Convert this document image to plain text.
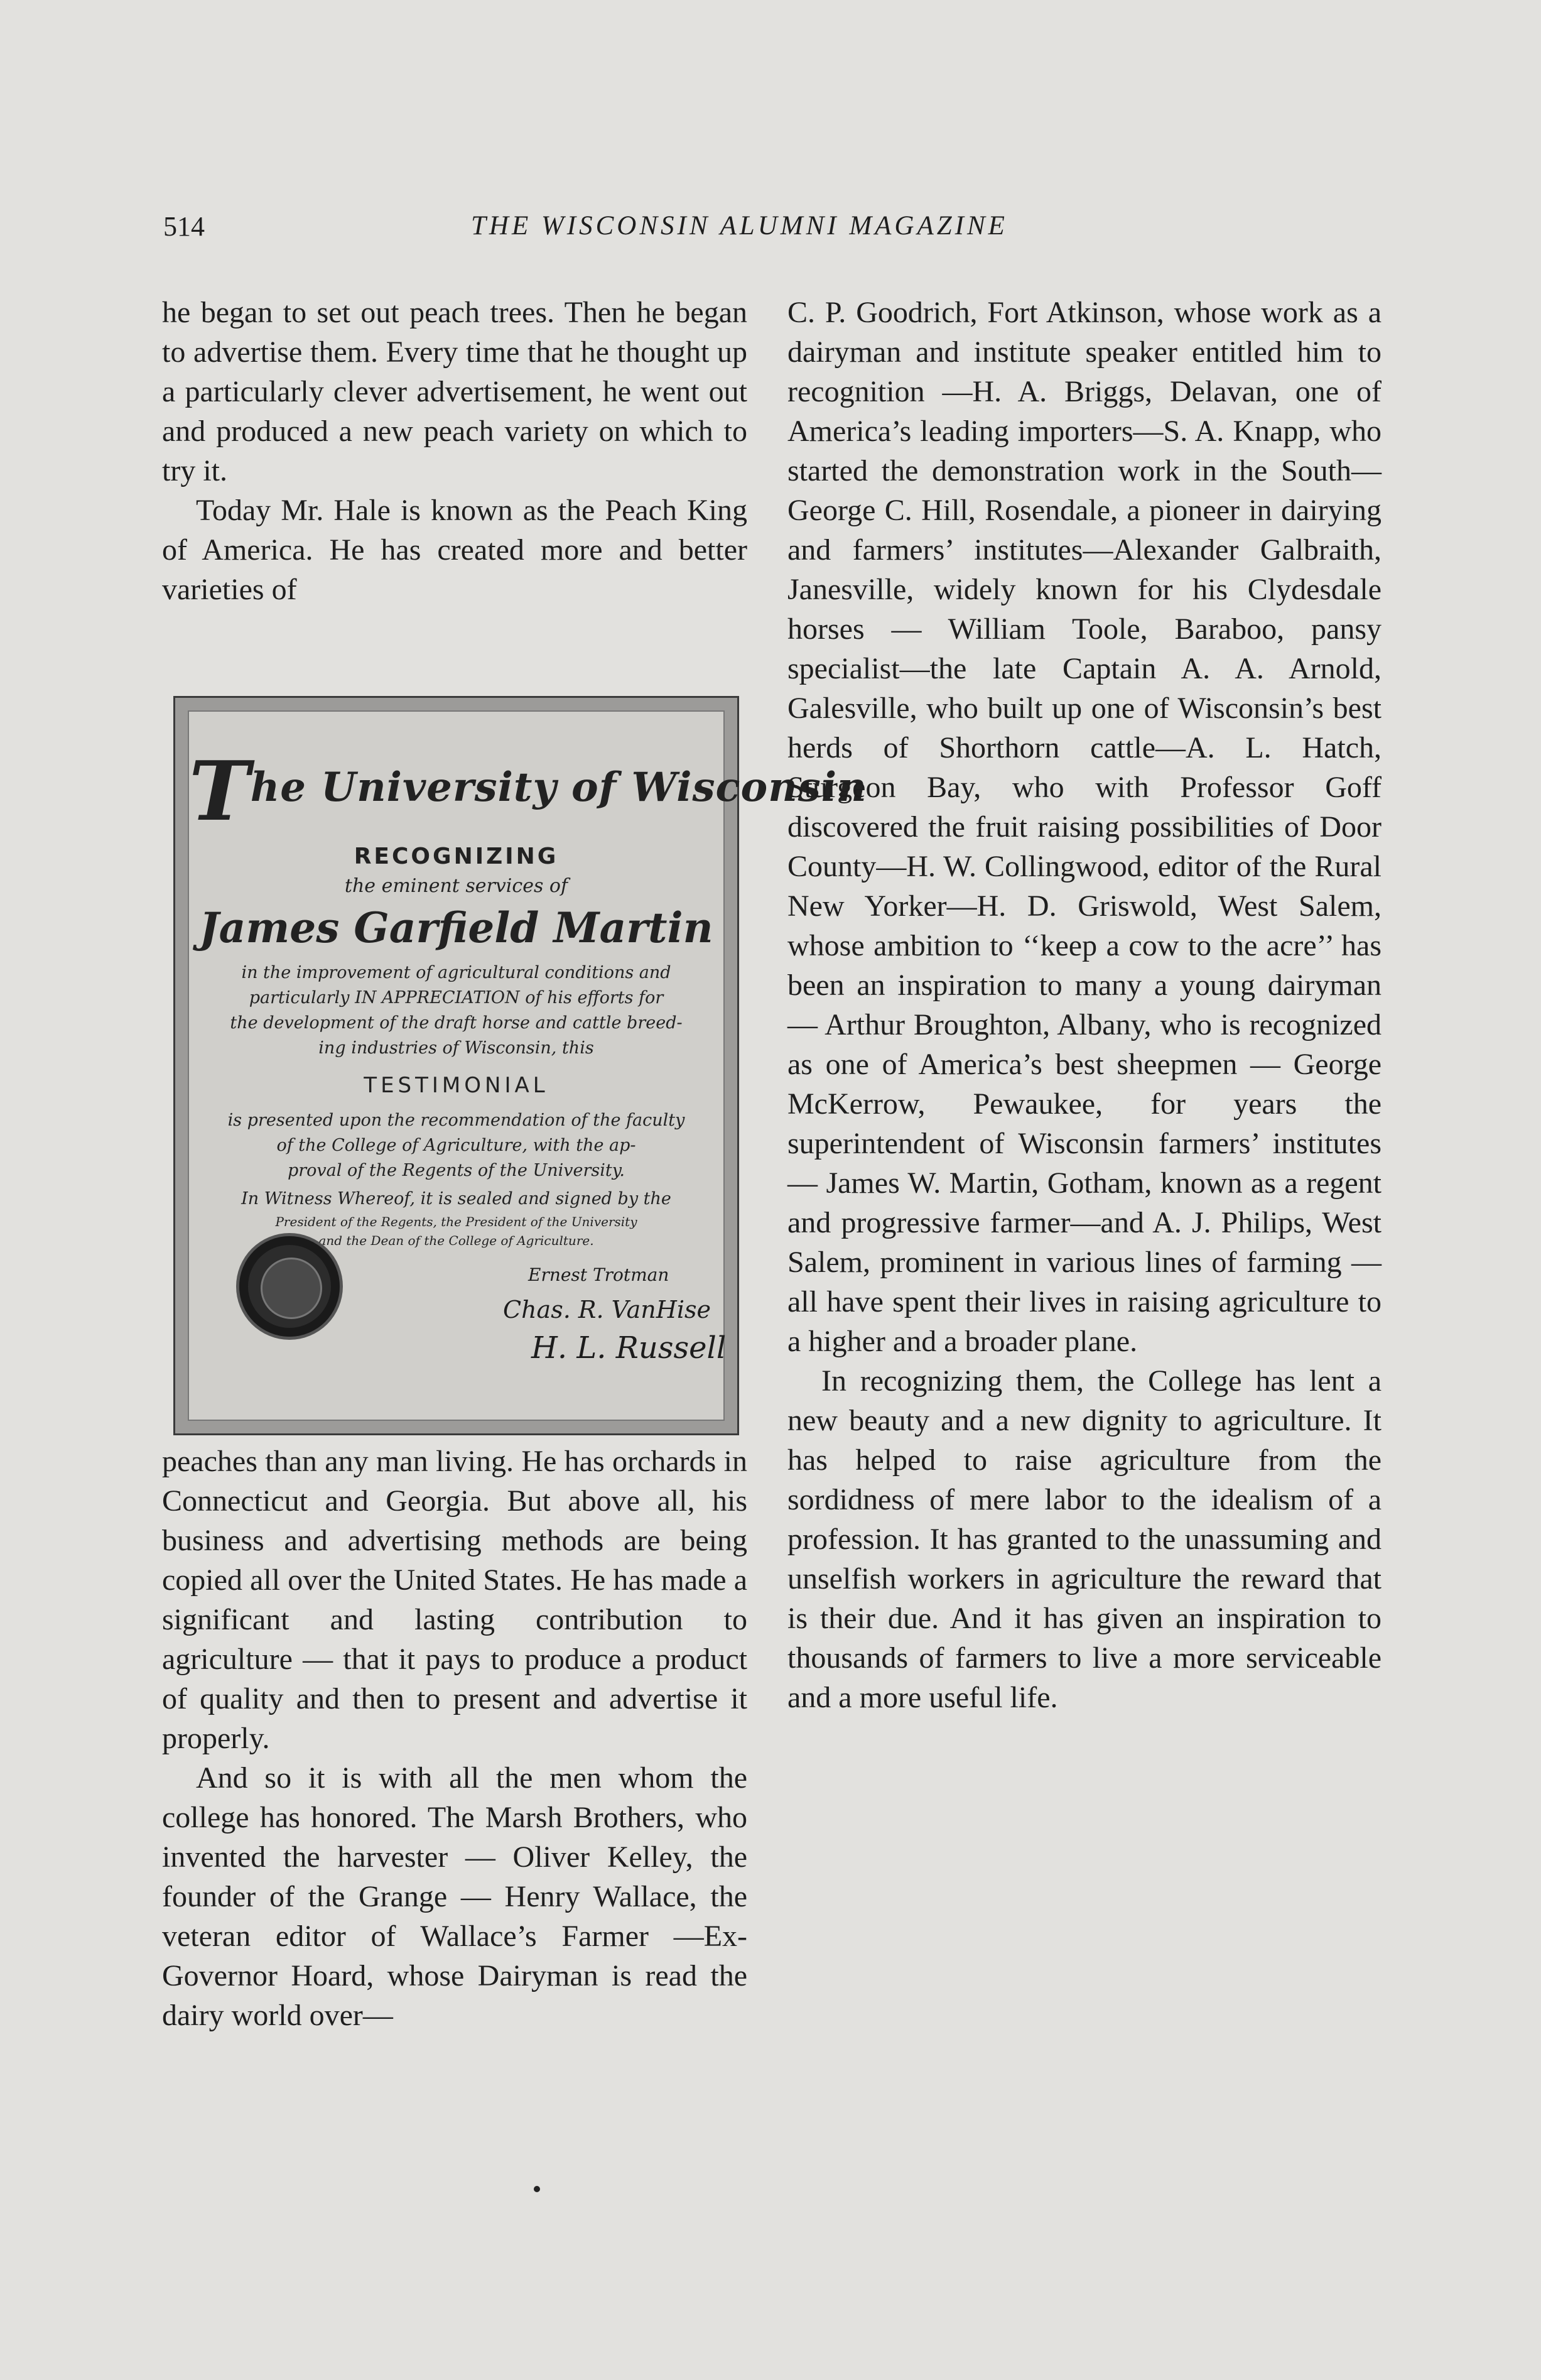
514	THE WISCONSIN ALUMNI MAGAZINE

he began to set out peach trees. Then he began to advertise them. Every time that he thought up a particularly clever advertisement, he went out and produced a new peach variety on which to try it.

Today Mr. Hale is known as the Peach King of America. He has created more and better varieties of

The University of Wisconsin
RECOGNIZING
the eminent services of
James Garfield Martin
in the improvement of agricultural conditions and
particularly IN APPRECIATION of his efforts for
the development of the draft horse and cattle breed-
ing industries of Wisconsin, this
TESTIMONIAL
is presented upon the recommendation of the faculty
of the College of Agriculture, with the ap-
proval of the Regents of the University.
In Witness Whereof, it is sealed and signed by the
President of the Regents, the President of the University
and the Dean of the College of Agriculture.
Ernest Trotman
Chas. R. VanHise
H. L. Russell

peaches than any man living. He has orchards in Connecticut and Georgia. But above all, his business and advertising methods are being copied all over the United States. He has made a significant and lasting contribution to agriculture — that it pays to produce a product of quality and then to present and advertise it properly.

And so it is with all the men whom the college has honored. The Marsh Brothers, who invented the harvester — Oliver Kelley, the founder of the Grange — Henry Wallace, the veteran editor of Wallace’s Farmer —Ex-Governor Hoard, whose Dairyman is read the dairy world over—

C. P. Goodrich, Fort Atkinson, whose work as a dairyman and institute speaker entitled him to recognition —H. A. Briggs, Delavan, one of America’s leading importers—S. A. Knapp, who started the demonstration work in the South—George C. Hill, Rosendale, a pioneer in dairying and farmers’ institutes—Alexander Galbraith, Janesville, widely known for his Clydesdale horses — William Toole, Baraboo, pansy specialist—the late Captain A. A. Arnold, Galesville, who built up one of Wisconsin’s best herds of Shorthorn cattle—A. L. Hatch, Sturgeon Bay, who with Professor Goff discovered the fruit raising possibilities of Door County—H. W. Collingwood, editor of the Rural New Yorker—H. D. Griswold, West Salem, whose ambition to ‘‘keep a cow to the acre’’ has been an inspiration to many a young dairyman — Arthur Broughton, Albany, who is recognized as one of America’s best sheepmen — George McKerrow, Pewaukee, for years the superintendent of Wisconsin farmers’ institutes — James W. Martin, Gotham, known as a regent and progressive farmer—and A. J. Philips, West Salem, prominent in various lines of farming — all have spent their lives in raising agriculture to a higher and a broader plane.

In recognizing them, the College has lent a new beauty and a new dignity to agriculture. It has helped to raise agriculture from the sordidness of mere labor to the idealism of a profession. It has granted to the unassuming and unselfish workers in agriculture the reward that is their due. And it has given an inspiration to thousands of farmers to live a more serviceable and a more useful life.
